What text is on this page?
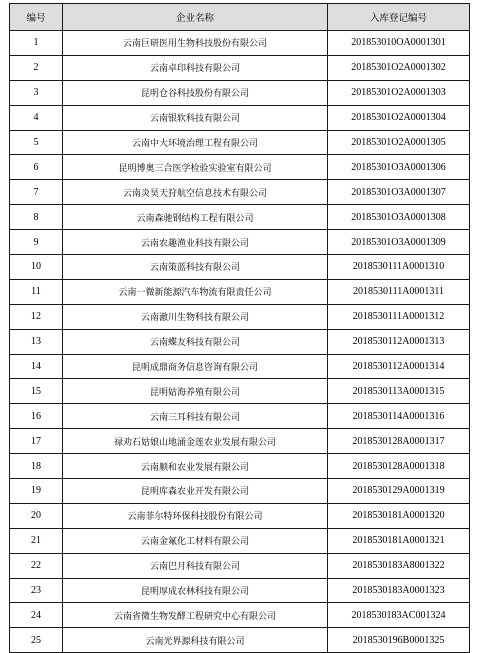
编号	企业名称	入库登记编号
1	云南巨研医用生物科技股份有限公司	201853010OA0001301
2	云南卓印科技有限公司	20185301O2A0001302
3	昆明仓谷科技股份有限公司	20185301O2A0001303
4	云南银软科技有限公司	20185301O2A0001304
5	云南中大环境治理工程有限公司	20185301O2A0001305
6	昆明博奥三合医学检验实验室有限公司	20185301O3A0001306
7	云南炎昊天狩航空信息技术有限公司	20185301O3A0001307
8	云南森驰钢结构工程有限公司	20185301O3A0001308
9	云南农趣渔业科技有限公司	20185301O3A0001309
10	云南策蓝科技有限公司	2018530111A0001310
11	云南一微新能源汽车物流有限责任公司	2018530111A0001311
12	云南澈川生物科技有限公司	2018530111A0001312
13	云南蝶友科技有限公司	2018530112A0001313
14	昆明成鼎商务信息咨询有限公司	2018530112A0001314
15	昆明姑海养殖有限公司	2018530113A0001315
16	云南三耳科技有限公司	2018530114A0001316
17	禄劝石姑娘山地涌金莲农业发展有限公司	2018530128A0001317
18	云南顺和农业发展有限公司	2018530128A0001318
19	昆明库森农业开发有限公司	2018530129A0001319
20	云南菲尔特环保科技股份有限公司	2018530181A0001320
21	云南金氟化工材料有限公司	2018530181A0001321
22	云南巴月科技有限公司	2018530183A8001322
23	昆明厚成农林科技有限公司	2018530183A0001323
24	云南省微生物发酵工程研究中心有限公司	2018530183AC001324
25	云南光界源科技有限公司	2018530196B0001325
